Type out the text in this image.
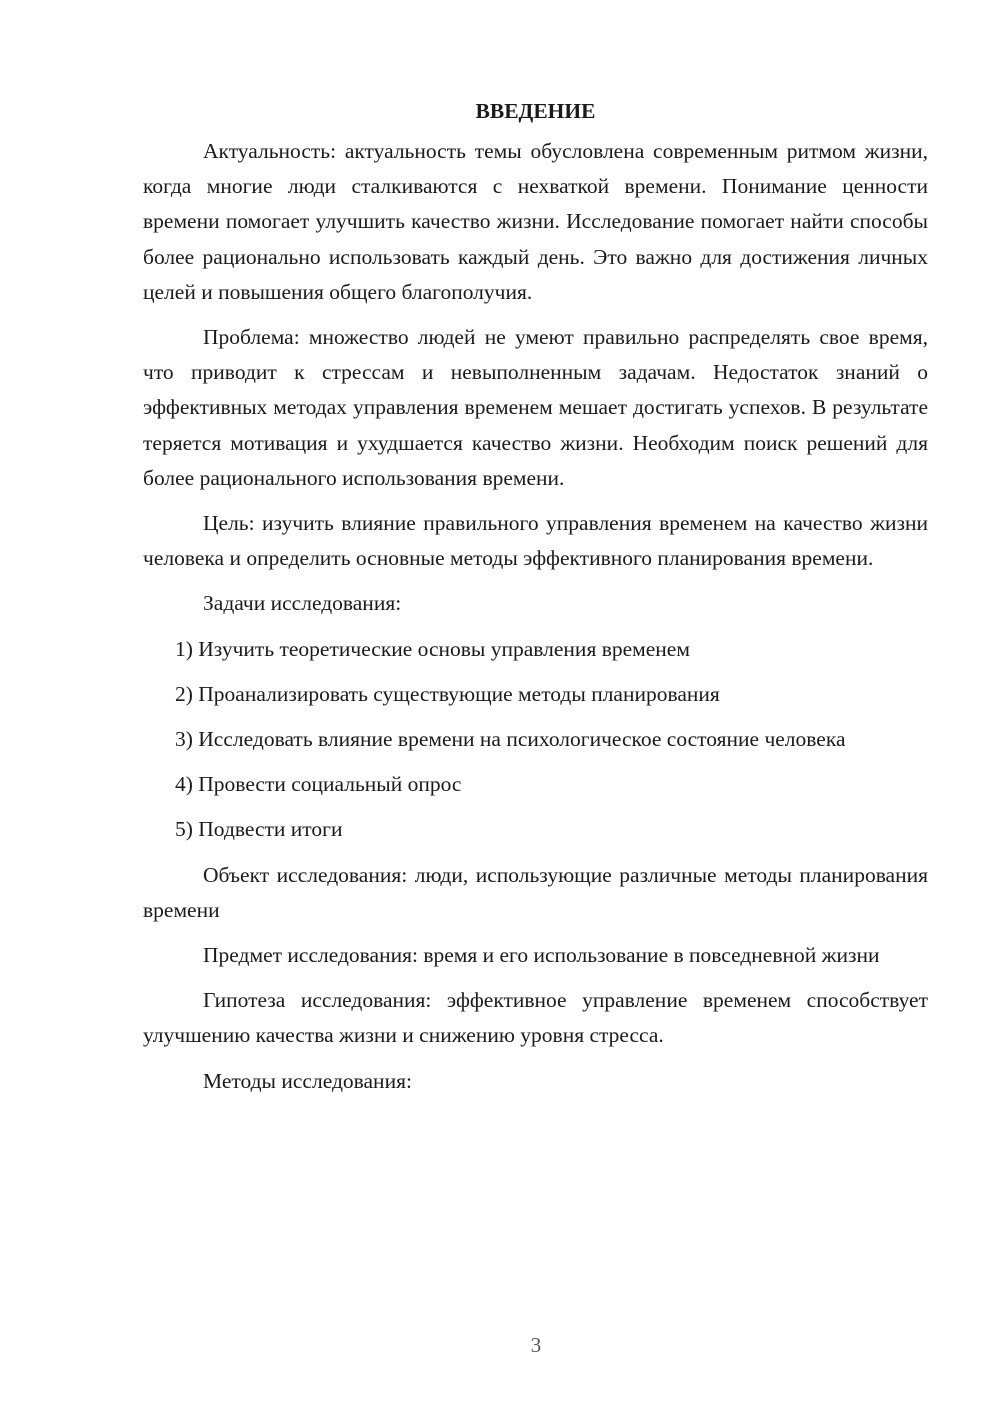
ВВЕДЕНИЕ

Актуальность: актуальность темы обусловлена современным ритмом жизни, когда многие люди сталкиваются с нехваткой времени. Понимание ценности времени помогает улучшить качество жизни. Исследование помогает найти способы более рационально использовать каждый день. Это важно для достижения личных целей и повышения общего благополучия.

Проблема: множество людей не умеют правильно распределять свое время, что приводит к стрессам и невыполненным задачам. Недостаток знаний о эффективных методах управления временем мешает достигать успехов. В результате теряется мотивация и ухудшается качество жизни. Необходим поиск решений для более рационального использования времени.

Цель: изучить влияние правильного управления временем на качество жизни человека и определить основные методы эффективного планирования времени.

Задачи исследования:

1) Изучить теоретические основы управления временем

2) Проанализировать существующие методы планирования

3) Исследовать влияние времени на психологическое состояние человека

4) Провести социальный опрос

5) Подвести итоги

Объект исследования: люди, использующие различные методы планирования времени

Предмет исследования: время и его использование в повседневной жизни

Гипотеза исследования: эффективное управление временем способствует улучшению качества жизни и снижению уровня стресса.

Методы исследования:

3
